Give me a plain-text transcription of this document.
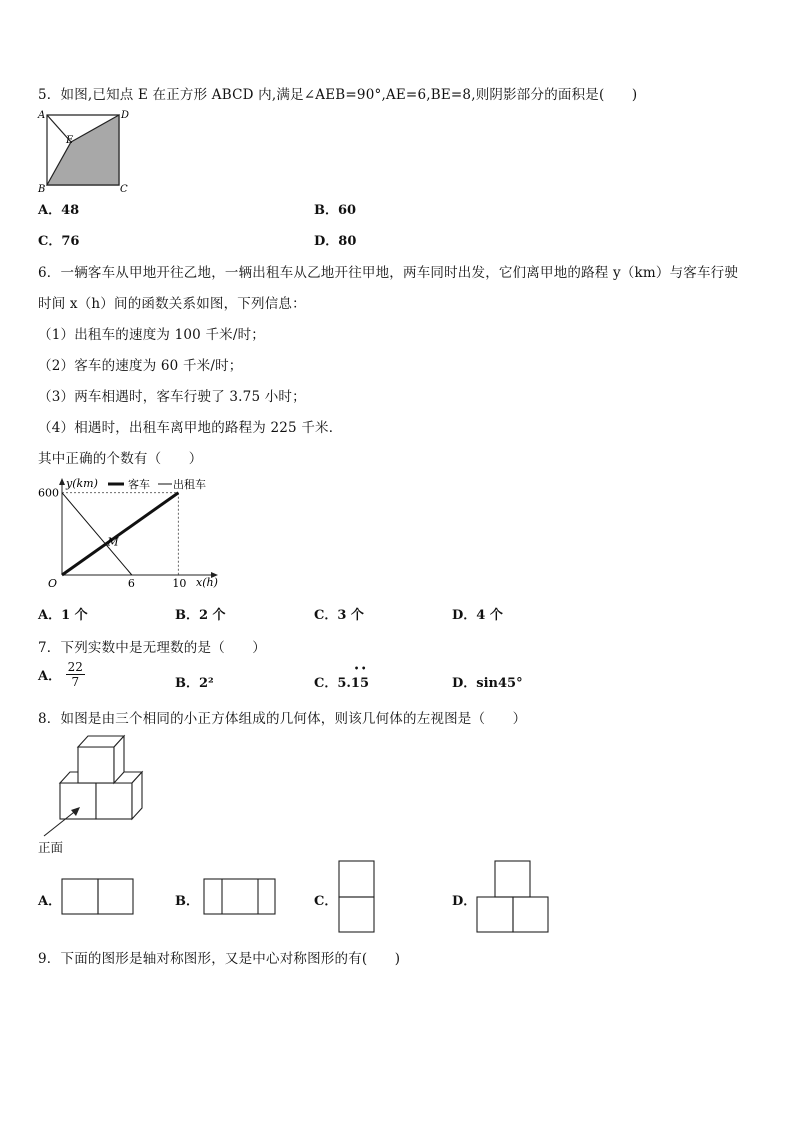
5．如图,已知点 E 在正方形 ABCD 内,满足∠AEB=90°,AE=6,BE=8,则阴影部分的面积是(　　)
A	D
B	C
E
A．48	B．60
C．76	D．80
6．一辆客车从甲地开往乙地，一辆出租车从乙地开往甲地，两车同时出发，它们离甲地的路程 y（km）与客车行驶
时间 x（h）间的函数关系如图，下列信息：
（1）出租车的速度为 100 千米/时；
（2）客车的速度为 60 千米/时；
（3）两车相遇时，客车行驶了 3.75 小时；
（4）相遇时，出租车离甲地的路程为 225 千米．
其中正确的个数有（　　）
600
6	10
O	x(h)
y(km)
M
客车 出租车
A．1 个	B．2 个	C．3 个	D．4 个
7．下列实数中是无理数的是（　　）
A． $\frac{22}{7}$	B．2²	C．5.15
••
D．sin45°
8．如图是由三个相同的小正方体组成的几何体，则该几何体的左视图是（　　）
正面
A．	B．	C．	D．
9．下面的图形是轴对称图形，又是中心对称图形的有(　　)
